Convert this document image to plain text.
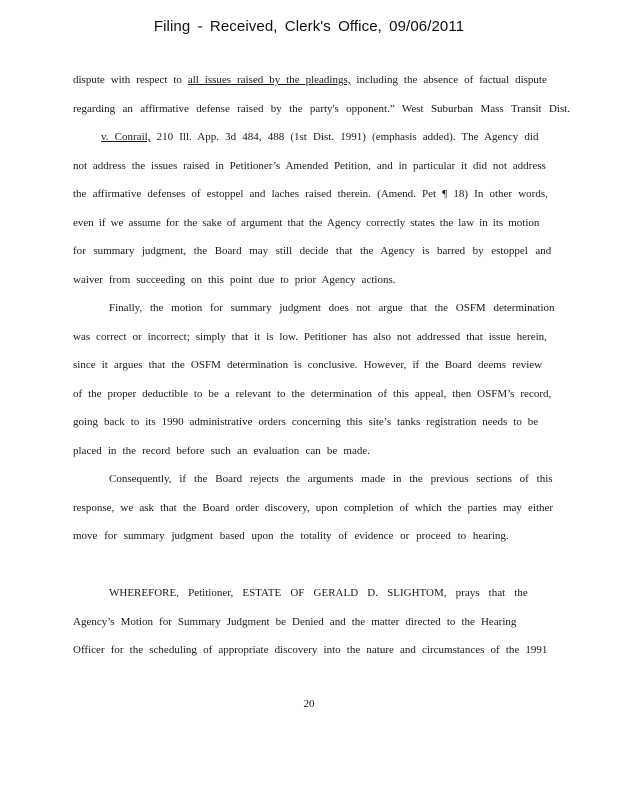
Filing - Received, Clerk's Office, 09/06/2011
dispute with respect to all issues raised by the pleadings, including the absence of factual dispute
regarding an affirmative defense raised by the party's opponent.” West Suburban Mass Transit Dist.
v. Conrail, 210 Ill. App. 3d 484, 488 (1st Dist. 1991) (emphasis added). The Agency did
not address the issues raised in Petitioner’s Amended Petition, and in particular it did not address
the affirmative defenses of estoppel and laches raised therein. (Amend. Pet ¶ 18) In other words,
even if we assume for the sake of argument that the Agency correctly states the law in its motion
for summary judgment, the Board may still decide that the Agency is barred by estoppel and
waiver from succeeding on this point due to prior Agency actions.
Finally, the motion for summary judgment does not argue that the OSFM determination
was correct or incorrect; simply that it is low. Petitioner has also not addressed that issue herein,
since it argues that the OSFM determination is conclusive. However, if the Board deems review
of the proper deductible to be a relevant to the determination of this appeal, then OSFM’s record,
going back to its 1990 administrative orders concerning this site’s tanks registration needs to be
placed in the record before such an evaluation can be made.
Consequently, if the Board rejects the arguments made in the previous sections of this
response, we ask that the Board order discovery, upon completion of which the parties may either
move for summary judgment based upon the totality of evidence or proceed to hearing.
WHEREFORE, Petitioner, ESTATE OF GERALD D. SLIGHTOM, prays that the
Agency’s Motion for Summary Judgment be Denied and the matter directed to the Hearing
Officer for the scheduling of appropriate discovery into the nature and circumstances of the 1991
20
